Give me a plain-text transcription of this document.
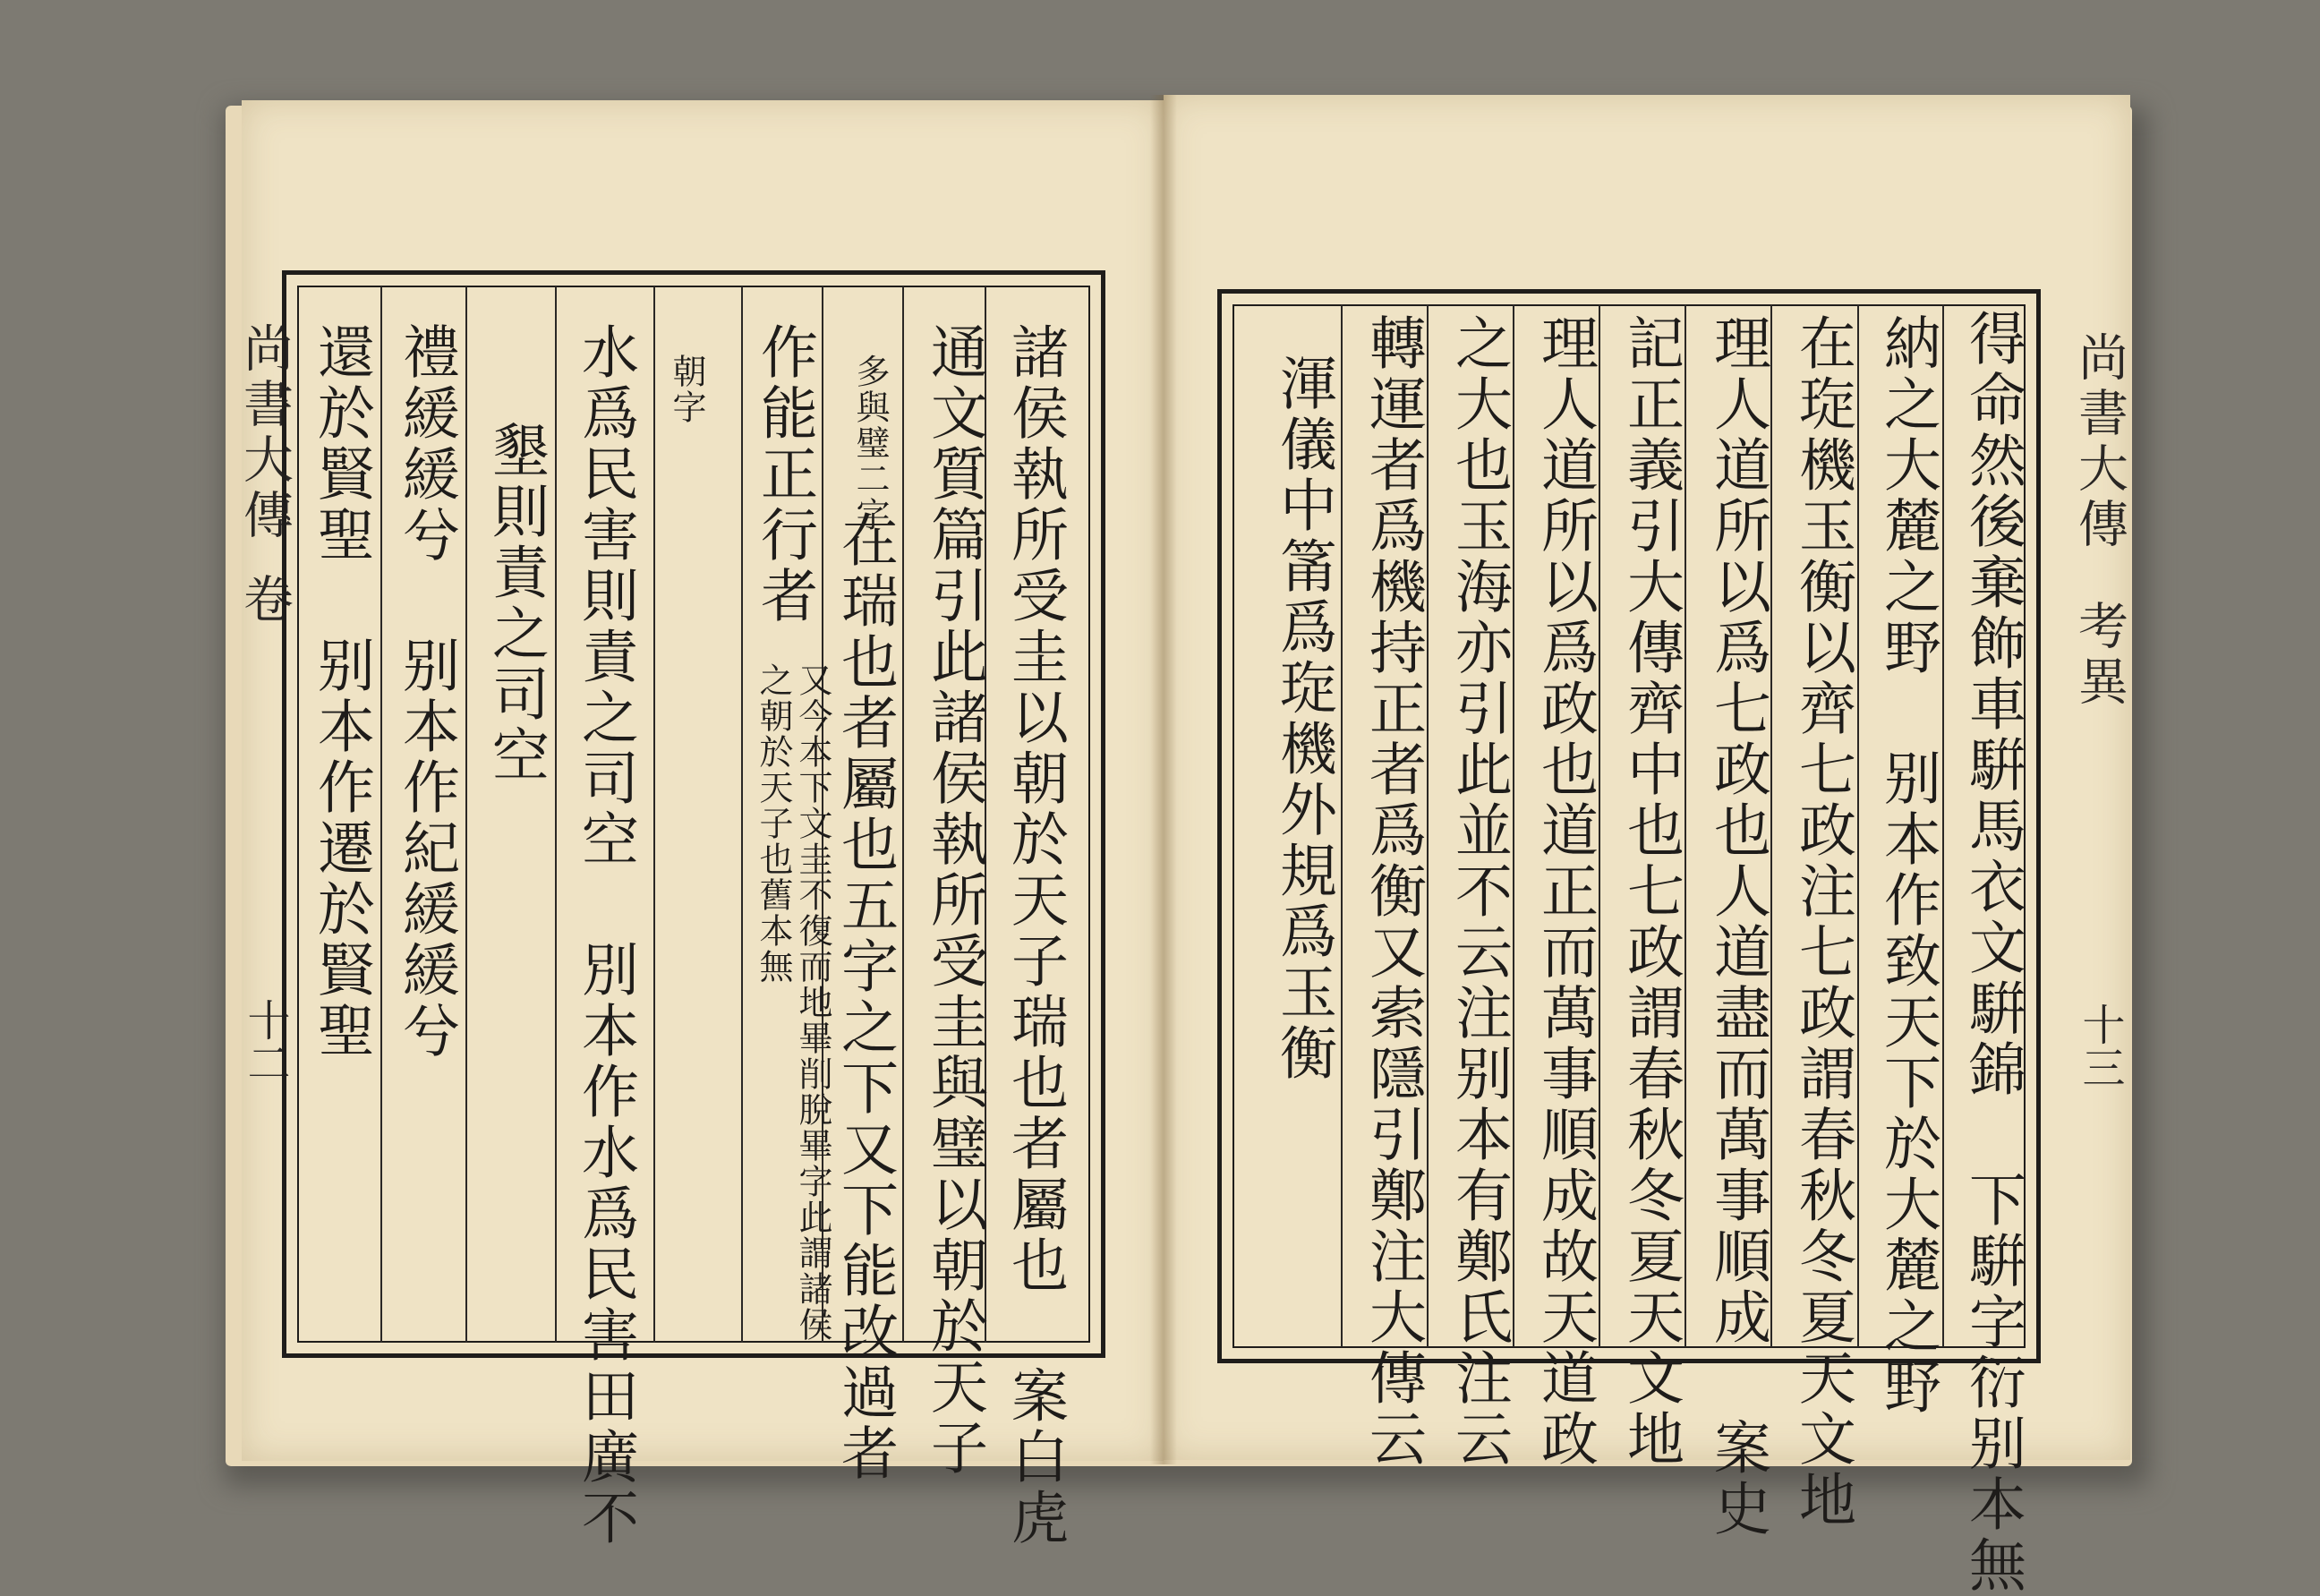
尚書大傳
卷
十二	諸侯執所受圭以朝於天子瑞也者屬也 案白虎
通文質篇引此諸侯執所受圭與璧以朝於天子
多與璧二字
在瑞也者屬也五字之下又下能改過者
作能正行者
又今本下文圭不復而地畢削脫畢字此謂諸侯之朝於天子也舊本無
朝字
水爲民害則責之司空 別本作水爲民害田廣不
墾則責之司空
禮緩緩兮 别本作紀緩緩兮
還於賢聖 别本作遷於賢聖	尚書大傳
考異
十三
得命然後棄飾車騈馬衣文騈錦 下騈字衍别本無
納之大麓之野 别本作致天下於大麓之野
在琁機玉衡以齊七政注七政謂春秋冬夏天文地
理人道所以爲七政也人道盡而萬事順成 案史
記正義引大傳齊中也七政謂春秋冬夏天文地
理人道所以爲政也道正而萬事順成故天道政
之大也玉海亦引此並不云注别本有鄭氏注云
轉運者爲機持正者爲衡又索隱引鄭注大傳云
渾儀中筩爲琁機外規爲玉衡
